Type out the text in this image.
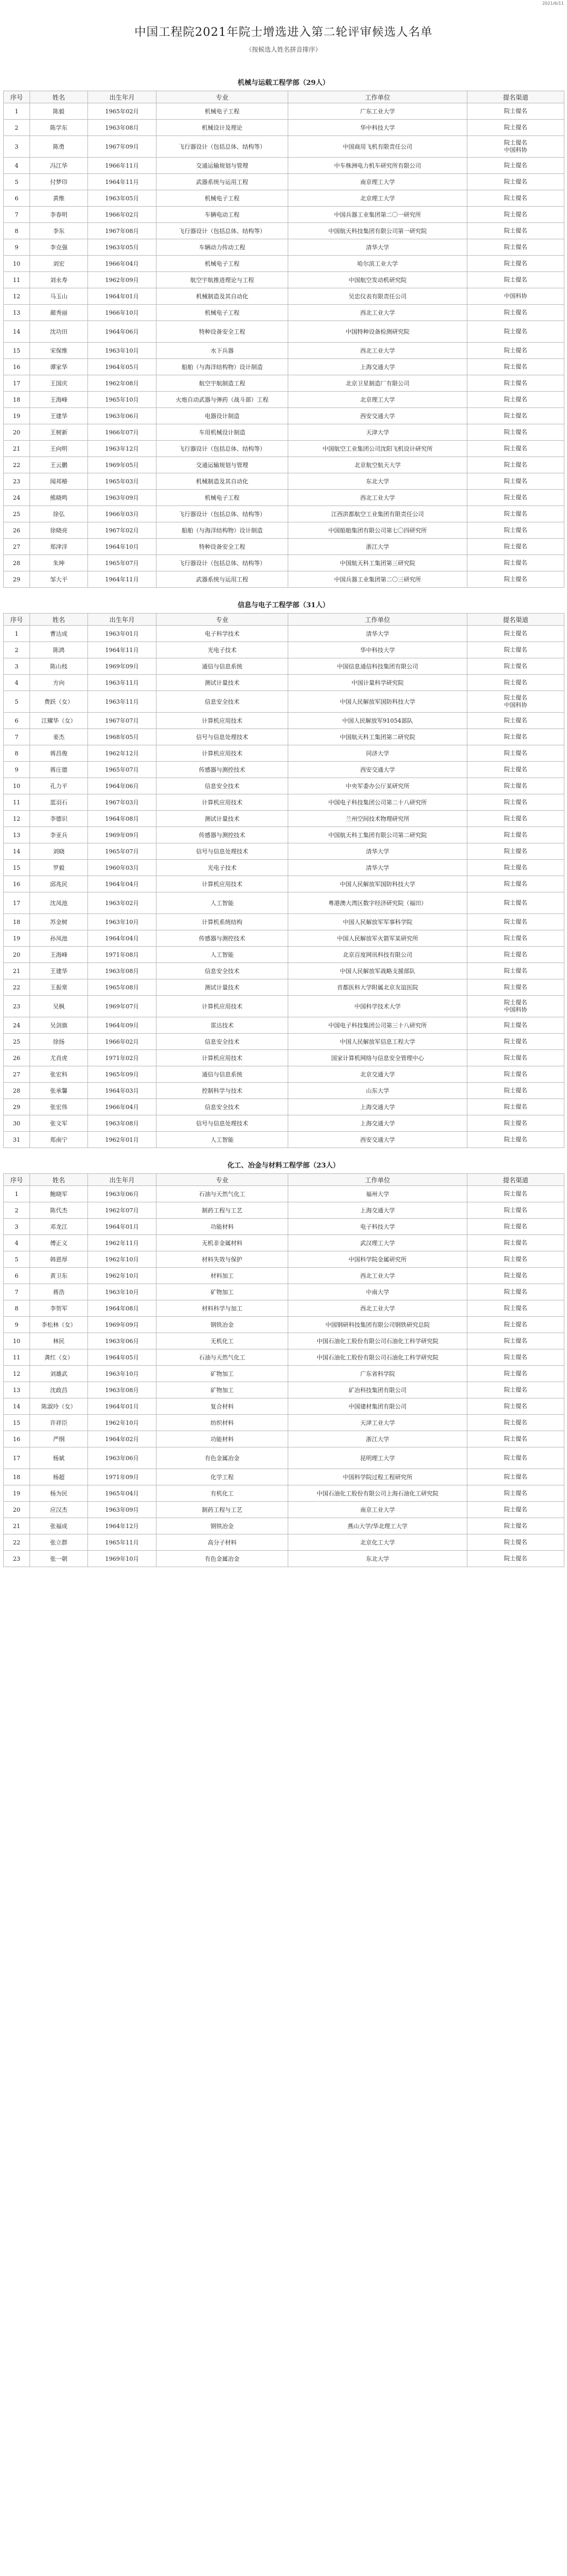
2021/6/11
中国工程院2021年院士增选进入第二轮评审候选人名单

（按候选人姓名拼音排序）

机械与运载工程学部（29人）
序号	姓名	出生年月	专业	工作单位	提名渠道
1	陈毅	1965年02月	机械电子工程	广东工业大学	院士提名

2	陈学东	1963年08月	机械设计及理论	华中科技大学	院士提名

3	陈勇	1967年09月	飞行器设计（包括总体、结构等）	中国商用飞机有限责任公司	院士提名
中国科协

4	冯江华	1966年11月	交通运输规划与管理	中车株洲电力机车研究所有限公司	院士提名

5	付梦印	1964年11月	武器系统与运用工程	南京理工大学	院士提名

6	黄维	1963年05月	机械电子工程	北京理工大学	院士提名

7	李春明	1966年02月	车辆电动工程	中国兵器工业集团第二〇一研究所	院士提名

8	李东	1967年08月	飞行器设计（包括总体、结构等）	中国航天科技集团有限公司第一研究院	院士提名

9	李克强	1963年05月	车辆动力传动工程	清华大学	院士提名

10	刘宏	1966年04月	机械电子工程	哈尔滨工业大学	院士提名

11	刘永寿	1962年09月	航空宇航推进理论与工程	中国航空发动机研究院	院士提名

12	马玉山	1964年01月	机械制造及其自动化	吴忠仪表有限责任公司	中国科协

13	蔺秀丽	1966年10月	机械电子工程	西北工业大学	院士提名

14	沈功田	1964年06月	特种设备安全工程	中国特种设备检测研究院	院士提名

15	宋保维	1963年10月	水下兵器	西北工业大学	院士提名

16	谭家华	1964年05月	船舶（与海洋结构物）设计制造	上海交通大学	院士提名

17	王国庆	1962年08月	航空宇航制造工程	北京卫星制造厂有限公司	院士提名

18	王海峰	1965年10月	火炮自动武器与弹药（战斗部）工程	北京理工大学	院士提名

19	王建华	1963年06月	电器设计制造	西安交通大学	院士提名

20	王树新	1966年07月	车用机械设计制造	天津大学	院士提名

21	王向明	1963年12月	飞行器设计（包括总体、结构等）	中国航空工业集团公司沈阳飞机设计研究所	院士提名

22	王云鹏	1969年05月	交通运输规划与管理	北京航空航天大学	院士提名

23	闻邦椿	1965年03月	机械制造及其自动化	东北大学	院士提名

24	熊晓鸣	1963年09月	机械电子工程	西北工业大学	院士提名

25	徐弘	1966年03月	飞行器设计（包括总体、结构等）	江西洪都航空工业集团有限责任公司	院士提名

26	徐晓亮	1967年02月	船舶（与海洋结构物）设计制造	中国船舶集团有限公司第七〇四研究所	院士提名

27	郑津洋	1964年10月	特种设备安全工程	浙江大学	院士提名

28	朱坤	1965年07月	飞行器设计（包括总体、结构等）	中国航天科工集团第三研究院	院士提名

29	邹大平	1964年11月	武器系统与运用工程	中国兵器工业集团第二〇三研究所	院士提名
信息与电子工程学部（31人）
序号	姓名	出生年月	专业	工作单位	提名渠道
1	曹达成	1963年01月	电子科学技术	清华大学	院士提名

2	陈鸿	1964年11月	光电子技术	华中科技大学	院士提名

3	陈山枝	1969年09月	通信与信息系统	中国信息通信科技集团有限公司	院士提名

4	方向	1963年11月	测试计量技术	中国计量科学研究院	院士提名

5	费跃（女）	1963年11月	信息安全技术	中国人民解放军国防科技大学	院士提名
中国科协

6	江耀华（女）	1967年07月	计算机应用技术	中国人民解放军91054部队	院士提名

7	姜杰	1968年05月	信号与信息处理技术	中国航天科工集团第二研究院	院士提名

8	蒋昌俊	1962年12月	计算机应用技术	同济大学	院士提名

9	蒋庄德	1965年07月	传感器与测控技术	西安交通大学	院士提名

10	孔力平	1964年06月	信息安全技术	中央军委办公厅某研究所	院士提名

11	蓝羽石	1967年03月	计算机应用技术	中国电子科技集团公司第二十八研究所	院士提名

12	李德识	1964年08月	测试计量技术	兰州空间技术物理研究所	院士提名

13	李亚兵	1969年09月	传感器与测控技术	中国航天科工集团有限公司第二研究院	院士提名

14	刘晓	1965年07月	信号与信息处理技术	清华大学	院士提名

15	罗毅	1960年03月	光电子技术	清华大学	院士提名

16	邱兆民	1964年04月	计算机应用技术	中国人民解放军国防科技大学	院士提名

17	沈凤池	1963年02月	人工智能	粤港澳大湾区数字经济研究院（福田）	院士提名

18	苏金树	1963年10月	计算机系统结构	中国人民解放军军事科学院	院士提名

19	孙凤池	1964年04月	传感器与测控技术	中国人民解放军火箭军某研究所	院士提名

20	王海峰	1971年08月	人工智能	北京百度网讯科技有限公司	院士提名

21	王建华	1963年08月	信息安全技术	中国人民解放军战略支援部队	院士提名

22	王振常	1965年08月	测试计量技术	首都医科大学附属北京友谊医院	院士提名

23	吴枫	1969年07月	计算机应用技术	中国科学技术大学	院士提名
中国科协

24	吴剑旗	1964年09月	雷达技术	中国电子科技集团公司第三十八研究所	院士提名

25	徐扬	1966年02月	信息安全技术	中国人民解放军信息工程大学	院士提名

26	尤肖虎	1971年02月	计算机应用技术	国家计算机网络与信息安全管理中心	院士提名

27	张宏科	1965年09月	通信与信息系统	北京交通大学	院士提名

28	张承馨	1964年03月	控制科学与技术	山东大学	院士提名

29	张宏伟	1966年04月	信息安全技术	上海交通大学	院士提名

30	张文军	1963年08月	信号与信息处理技术	上海交通大学	院士提名

31	郑南宁	1962年01月	人工智能	西安交通大学	院士提名
化工、冶金与材料工程学部（23人）
序号	姓名	出生年月	专业	工作单位	提名渠道
1	鲍晓军	1963年06月	石油与天然气化工	福州大学	院士提名

2	陈代杰	1962年07月	制药工程与工艺	上海交通大学	院士提名

3	邓龙江	1964年01月	功能材料	电子科技大学	院士提名

4	傅正义	1962年11月	无机非金属材料	武汉理工大学	院士提名

5	韩恩厚	1962年10月	材料失效与保护	中国科学院金属研究所	院士提名

6	黄卫东	1962年10月	材料加工	西北工业大学	院士提名

7	蒋浩	1963年10月	矿物加工	中南大学	院士提名

8	李贺军	1964年08月	材料科学与加工	西北工业大学	院士提名

9	李松林（女）	1969年09月	钢铁冶金	中国钢研科技集团有限公司钢铁研究总院	院士提名

10	林民	1963年06月	无机化工	中国石油化工股份有限公司石油化工科学研究院	院士提名

11	龚红（女）	1964年05月	石油与天然气化工	中国石油化工股份有限公司石油化工科学研究院	院士提名

12	刘雄武	1963年10月	矿物加工	广东省科学院	院士提名

13	沈政昌	1963年08月	矿物加工	矿冶科技集团有限公司	院士提名

14	陈淑玲（女）	1964年01月	复合材料	中国建材集团有限公司	院士提名

15	许祥臣	1962年10月	纺织材料	天津工业大学	院士提名

16	严纲	1964年02月	功能材料	浙江大学	院士提名

17	杨斌	1963年06月	有色金属冶金	昆明理工大学	院士提名

18	杨超	1971年09月	化学工程	中国科学院过程工程研究所	院士提名

19	杨为民	1965年04月	有机化工	中国石油化工股份有限公司上海石油化工研究院	院士提名

20	应汉杰	1963年09月	制药工程与工艺	南京工业大学	院士提名

21	张福成	1964年12月	钢铁冶金	燕山大学/华北理工大学	院士提名

22	张立群	1965年11月	高分子材料	北京化工大学	院士提名

23	张一朝	1969年10月	有色金属冶金	东北大学	院士提名
